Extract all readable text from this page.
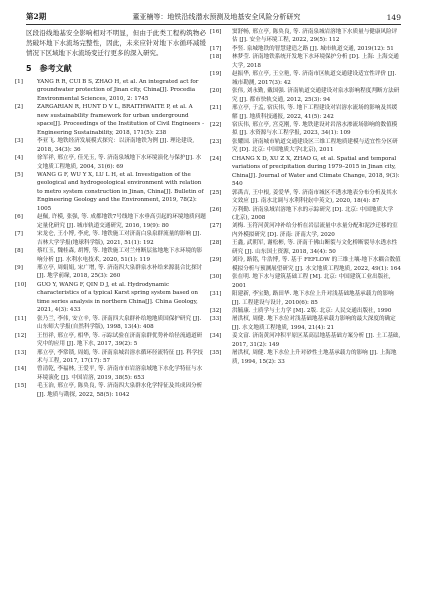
第2期	董亚楠等：地铁沿线潜水预测及地基安全风险分析研究	149

区段沿线地基安全影响相对不明显，但由于此类工程构筑物必然破坏地下水流场完整性，因此，未来应针对地下水循环减缓情况下区域地下水流场变迁行更多的深入研究。

5　参考文献
[1]	YANG R R, CUI B S, ZHAO H, et al. An integrated act for groundwater protection of Jinan city, China[J]. Procedia Environmental Sciences, 2010, 2: 1745
[2]	ZARGARIAN R, HUNT D V L, BRAITHWAITE P, et al. A new sustainability framework for urban underground space[J]. Proceedings of the Institution of Civil Engineers - Engineering Sustainability, 2018, 171(5): 238
[3]	李亚飞. 地铁经济发展模式探究：以济南地铁为例 [J]. 理论建设, 2018, 34(3): 36
[4]	徐军祥, 邢立亭, 佳光玉, 等. 济南泉域地下水环境演化与保护[J]. 水文地质工程地质, 2004, 31(6): 69
[5]	WANG G F, WU Y X, LU L H, et al. Investigation of the geological and hydrogeological environment with relation to metro system construction in Jinan, China[J]. Bulletin of Engineering Geology and the Environment, 2019, 78(2): 1005
[6]	赵佩, 许模, 张强, 等. 成都地铁7号线地下水垂高引起的环境地质问题定量化研究 [J]. 城市轨道交通研究, 2016, 19(9): 80
[7]	宋龙仑, 王小博, 李虎, 等. 地铁施工对济南白泉泉群流量的影响 [J]. 吉林大学学报(地球科学版), 2021, 51(1): 192
[8]	蔡红玉, 魏桂森, 胡博, 等. 地铁施工对兰州断层盆地地下水环境的影响分析 [J]. 水利水电技术, 2020, 51(1): 119
[9]	邢立亭, 周娟娟, 宋广增, 等. 济南四大泉群泉水补给来源混合比探讨 [J]. 地学前缘, 2018, 25(3): 260
[10] GUO Y, WANG F, QIN D J, et al. Hydrodynamic characteristics of a typical Karst spring system based on time series analysis in northern China[J]. China Geology, 2021, 4(3): 433
[11] 张乃兰, 李伟, 安立辛, 等. 济南四大泉群补给地地质国保护研究 [J]. 山东师大学报(自然科学版), 1998, 13(4): 408
[12] 王恒祥, 邢立亭, 相华, 等. 示踪试验在济南泉群优势补给径流通道研究中的应用 [J]. 地下水, 2017, 39(2): 5
[13] 邢立亭, 李常锁, 周娟, 等. 济南泉城岩溶水循环径流特征 [J]. 科学技术与工程, 2017, 17(17): 57
[14] 曾清乾, 李福林, 王爱平, 等. 济南市市岩溶泉域地下水化学特征与水环境演化 [J]. 中国岩溶, 2019, 38(5): 653
[15] 毛玉治, 邢立亭, 陈奂良, 等. 济南四大泉群水化学特征及其成因分析 [J]. 地质与勘探, 2022, 58(5): 1042
[16] 窦舒畅, 邢立亭, 陈奂良, 等. 济南泉城岩溶地下水质量与健康风险评估 [J]. 安全与环境工程, 2022, 29(5): 112
[17] 李竖. 泉城地铁的智慧建造之路 [J]. 城市轨道交通, 2019(12): 51
[18] 林梦莹. 济南地铁系统开发地下水环境保护分析 [D]. 上海: 上海交通大学, 2018
[19] 赵振华, 邢立亭, 王立艳, 等. 济南市区轨道交通建设适宜性评价 [J]. 城市勘测, 2017(3): 42
[20] 张伟, 刘永勤, 戴国强. 济南轨道交通建设对泉水影响程度判断方法研究 [J]. 都市快轨交通, 2012, 25(3): 94
[21] 邢立亭, 于孟, 宿庆伟, 等. 地下工程建设对岩溶水流场的影响及其缓解 [J]. 地质科技通报, 2022, 41(5): 242
[22] 宿庆伟, 邢立亭, 宫克刚, 等. 地铁建设对岩溶水渗流场影响的数值模拟 [J]. 水资源与水工程学报, 2023, 34(1): 109
[23] 张耀国. 济南城市轨道交通建设区三维工程地质建模与适宜性分区研究 [D]. 北京: 中国地质大学(北京), 2011
[24] CHANG X D, XU Z X, ZHAO G, et al. Spatial and temporal variations of precipitation during 1979–2015 in Jinan city, China[J]. Journal of Water and Climate Change, 2018, 9(3): 540
[25] 郭禹吉, 王中根, 姜爱华, 等. 济南市城区不透水地表分布分析及其水文效应 [J]. 南水北调与水利科技(中英文), 2020, 18(4): 87
[26] 万利勤. 济南泉域岩溶地下水的示踪研究 [D]. 北京: 中国地质大学(北京), 2008
[27] 刘梅. 玉符河黄河冲补给分析在岩层流量中水量分配和泥沙迁移的室内外模拟研究 [D]. 济南: 济南大学, 2020
[28] 王鑫, 武朝军, 谢松彬, 等. 济南千佛山断裂与文化桥断裂导水透水性研究 [J]. 山东国土资源, 2018, 34(4): 50
[29] 刘玲, 路铭, 牛浩博, 等. 基于 FEFLOW 的三维土壤-地下水耦合数值模拟分析与预测展望研究 [J]. 水文地质工程地质, 2022, 49(1): 164
[30] 张在明. 地下水与建筑基础工程 [M]. 北京: 中国建筑工业出版社, 2001
[31] 阳建新, 李宝勤, 路田华. 地下水位上升对浅基础地基承载力的影响 [J]. 工程建设与设计, 2010(6): 85
[32] 洪毓康. 土质学与土力学 [M]. 2版. 北京: 人民交通出版社, 1990
[33] 屠洪权, 周健. 地下水位对浅基础地基承载力影响的最大深度的确定 [J]. 水文地质工程地质, 1994, 21(4): 21
[34] 姜文富. 济南黄河冲积平原区某高层地基基础方案分析 [J]. 土工基础, 2017, 31(2): 149
[35] 屠洪权, 周健. 地下水位上升对砂性土地基承载力的影响 [J]. 上海地质, 1994, 15(2): 33
